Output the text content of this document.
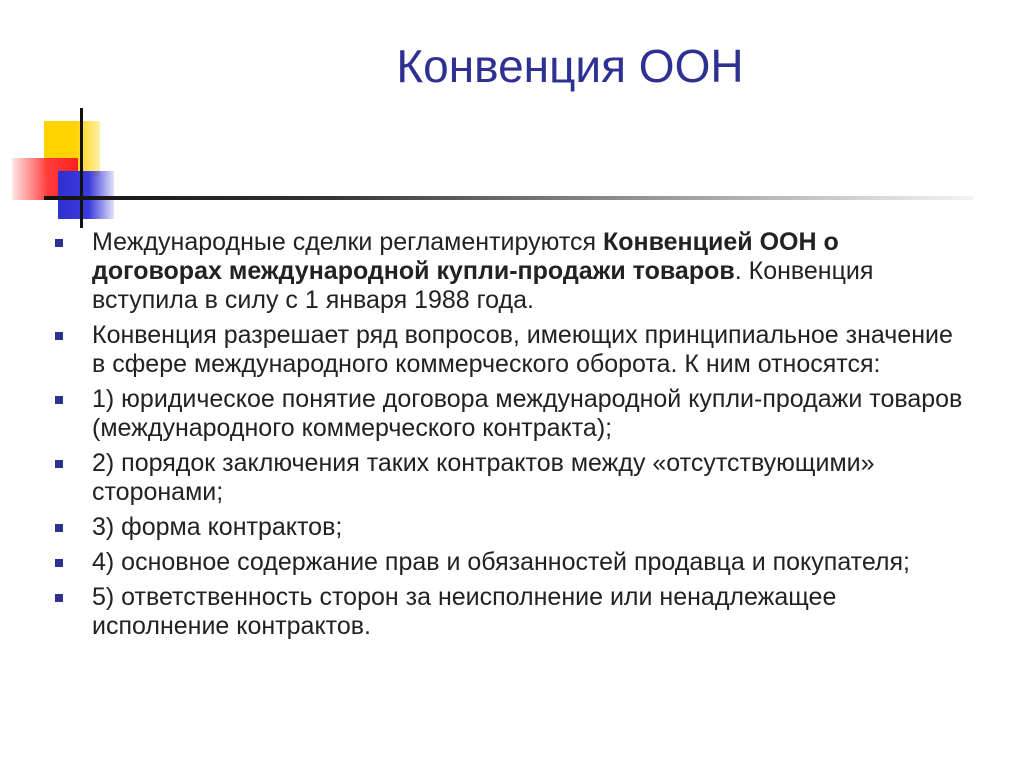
Конвенция ООН
Международные сделки регламентируются Конвенцией ООН о договорах международной купли-продажи товаров. Конвенция вступила в силу с 1 января 1988 года.
Конвенция разрешает ряд вопросов, имеющих принципиальное значение в сфере международного коммерческого оборота. К ним относятся:
1) юридическое понятие договора международной купли-продажи товаров (международного коммерческого контракта);
2) порядок заключения таких контрактов между «отсутствующими» сторонами;
3) форма контрактов;
4) основное содержание прав и обязанностей продавца и покупателя;
5) ответственность сторон за неисполнение или ненадлежащее исполнение контрактов.
